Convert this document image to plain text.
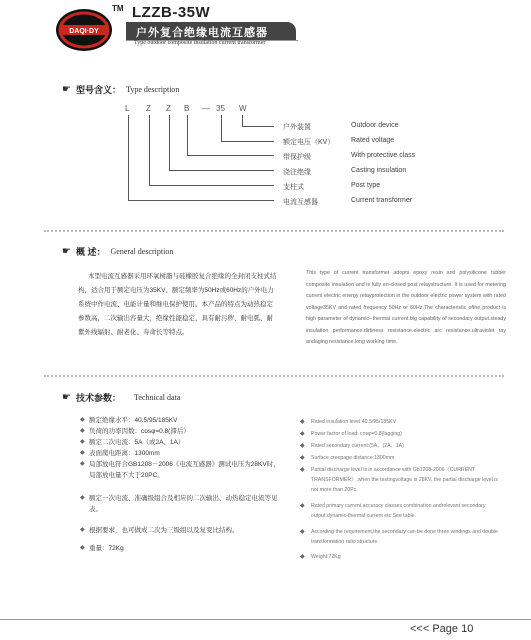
DAQI·DY
TM LZZB-35W
户外复合绝缘电流互感器
Type outdoor composite insulation current transformer
☛ 型号含义： Type description
L Z Z B — 35 W
户外装置	Outdoor device
额定电压（KV） Rated voltage
带保护级	With protective class
浇注绝缘	Casting insulation
支柱式	Post type
电流互感器	Current transformer
☛ 概 述： General description

本型电流互感器采用环氧树脂与硅橡胶复合绝缘的全封闭支柱式结构，适合用于额定电压为35KV、额定频率为50Hz或60Hz的户外电力系统中作电流、电能计量和继电保护使用。本产品的特点为动热稳定参数高，二次输出容量大，绝缘性能稳定，具有耐污秽、耐电弧、耐紫外线辐射、耐老化、寿命长等特点。

This type of current transformer adopts epoxy resin and polysilicone rubber composite insulation and is fully en-closed post relaystructure. It is used for metering current electric energy relayprotection in the outdoor electric power system with rated voltage35KV and rated frequency 50Hz or 60Hz.The characteristic ofthe product is high parameter of dynamic--thermal current.big capability of secondary output.steady insulation performance.dirtiness resistance.electric arc resistance.ultraviolet ray andaging resistance.long working time.

☛ 技术参数： Technical data
◆ 额定绝缘水平：40.5/95/185KV
◆ 负荷的功率因数：cosφ=0.8(滞后）
◆ 额定二次电流：5A（或2A、1A）
◆ 表面爬电距离：1300mm
◆ 局部放电符合GB1208－2006《电流互感器》测试电压为28KV时，局部放电量不大于20PC。
◆ 额定一次电流、准确级组合及相应的二次输出、动热稳定电流等见表。
◆ 根据要求，也可做成二次为三级组以及复变比结构。
◆ 重量：72Kg
◆ Rated insulation level:40.5/95/185KV
◆ Power factor of load: cosφ=0.8(lagging)
◆ Rated secondary current:(5A、(2A、1A)
◆ Surface creepage distance:1300mm
◆ Partial discharge level is in accordance with Gb1208-2006《CURRENT TRANSFORMER》,when the testingvoltage is 28KV, the partial discharge level is not more than 20Pc.
◆ Rated primary current.accuracy classes combination andrelevant secondary output.dynamic-thermal current etc See table.
◆ According the requirement,the secondary can be done three windings and double transformation ratio structure.
◆ Weight:72Kg
<<< Page 10
